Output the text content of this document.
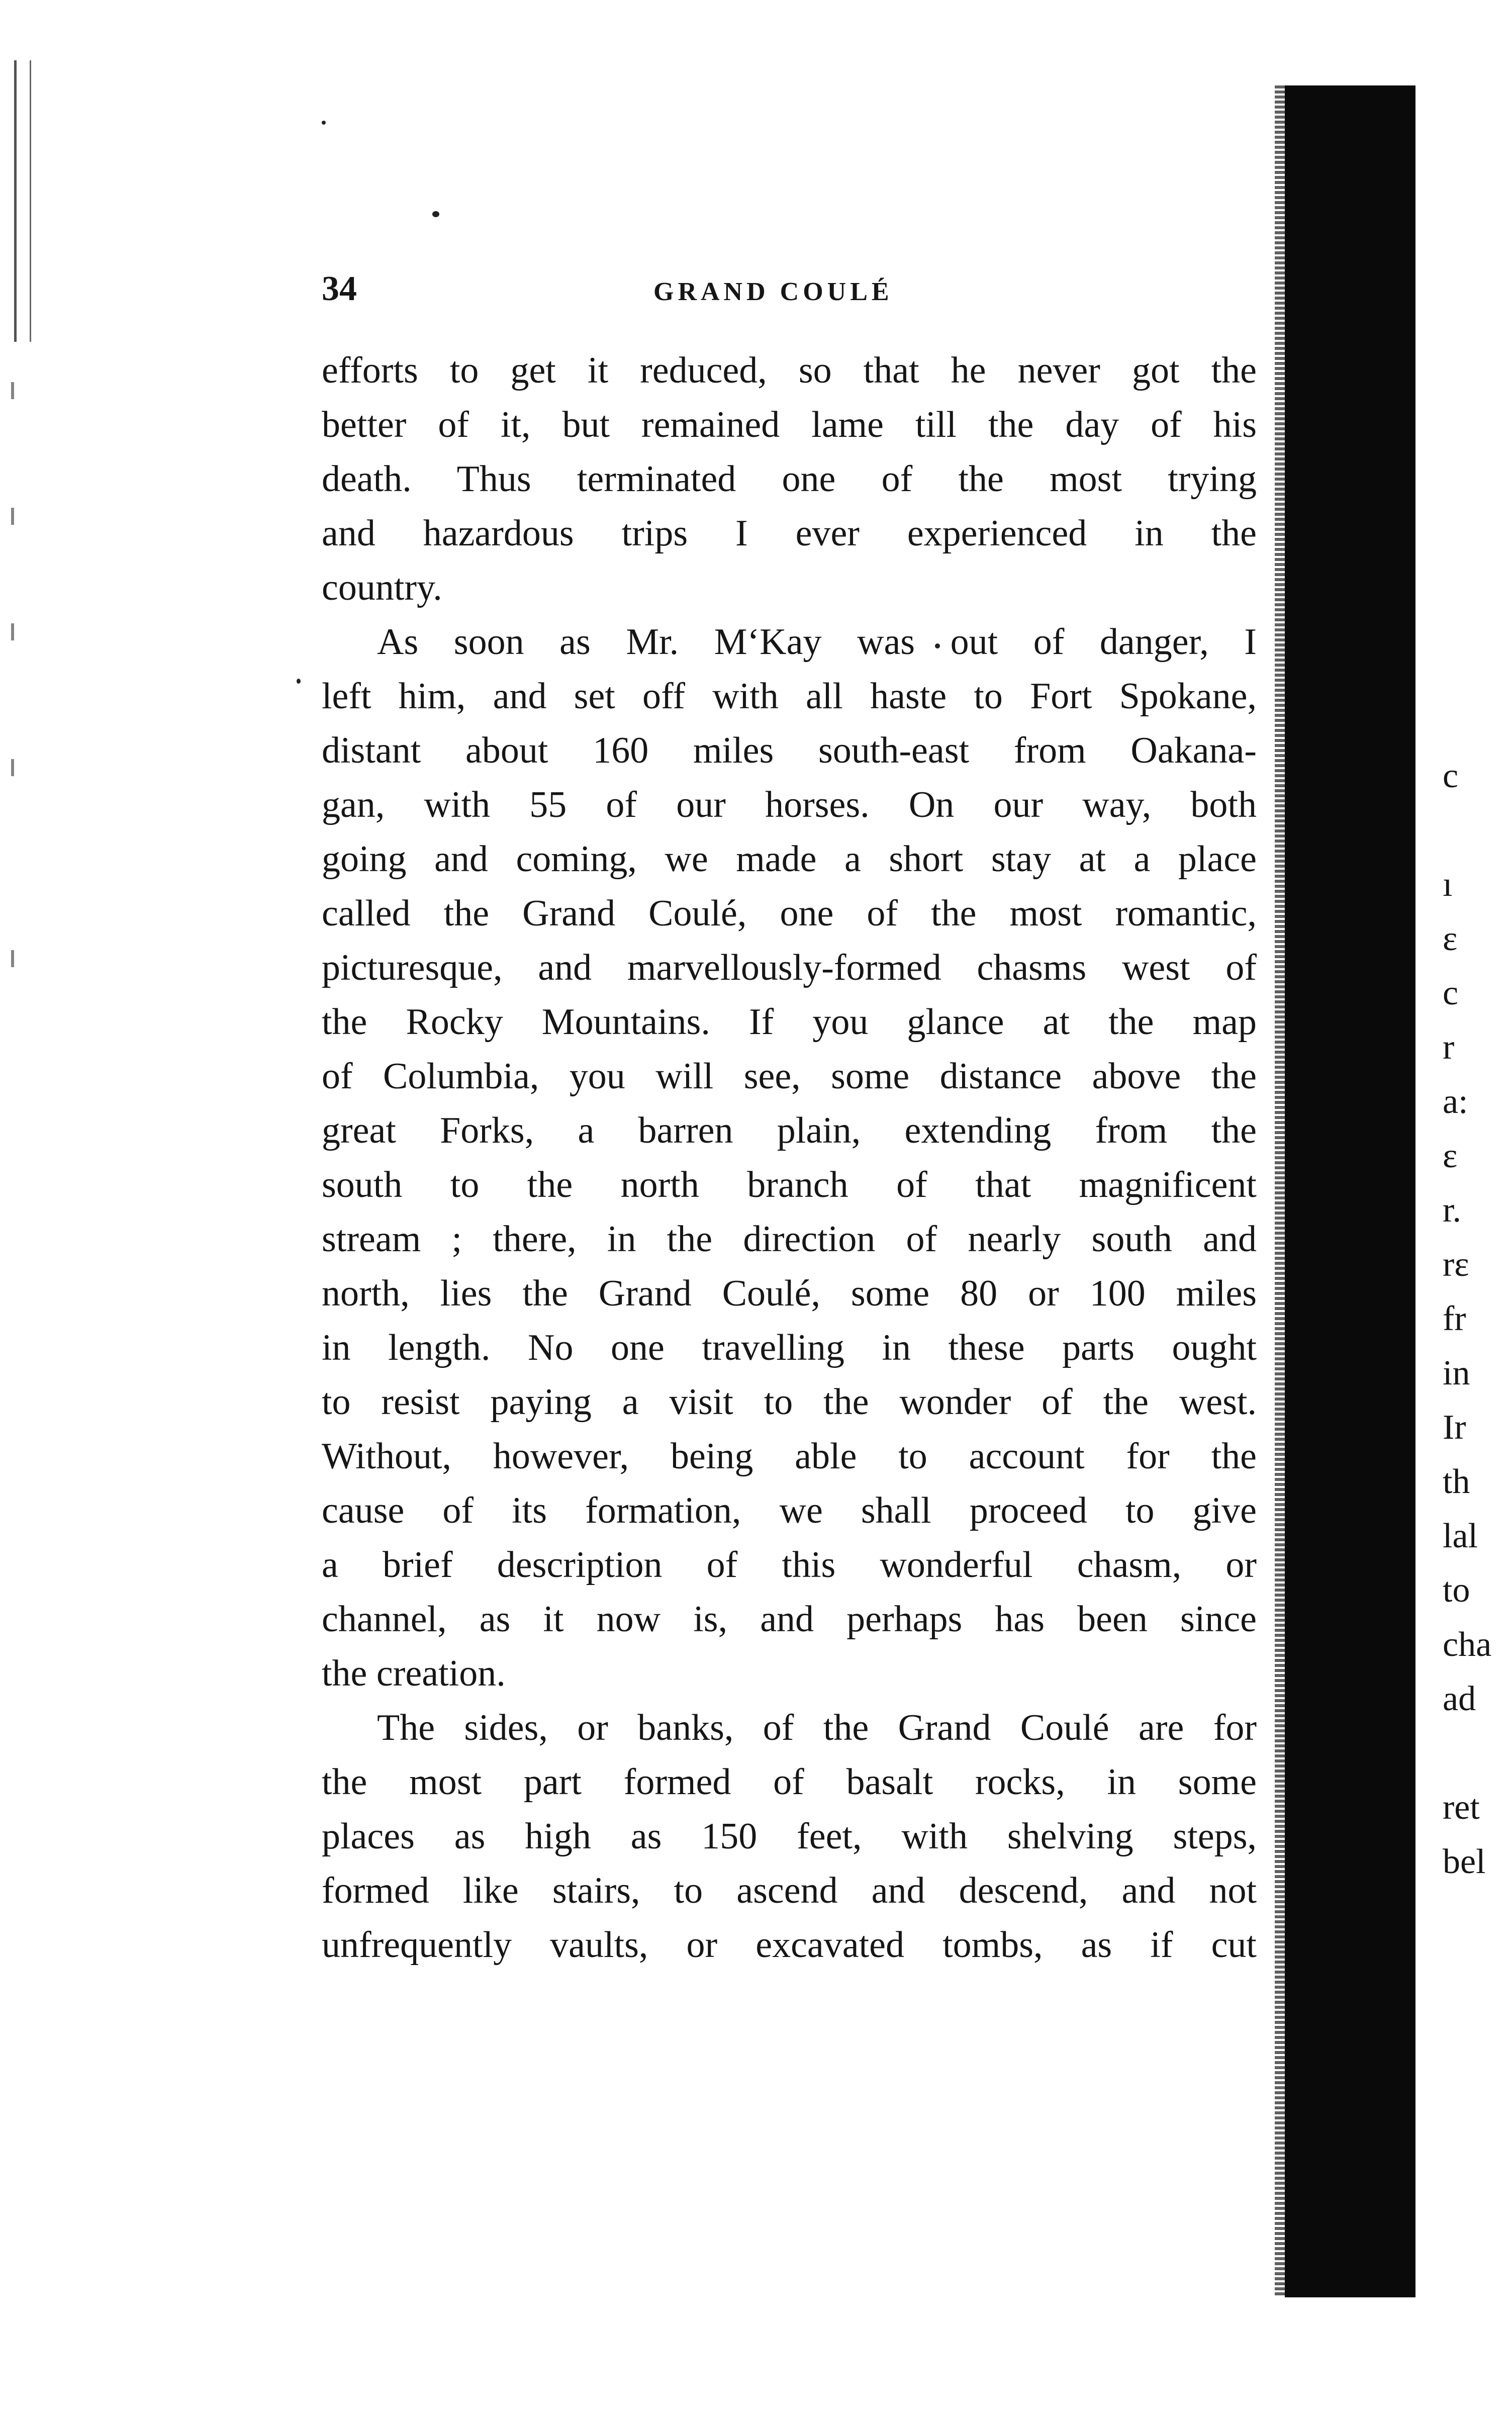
34	GRAND COULÉ
efforts to get it reduced, so that he never got the
better of it, but remained lame till the day of his
death. Thus terminated one of the most trying
and hazardous trips I ever experienced in the
country.
As soon as Mr. M‘Kay was out of danger, I
left him, and set off with all haste to Fort Spokane,
distant about 160 miles south-east from Oakana-
gan, with 55 of our horses. On our way, both
going and coming, we made a short stay at a place
called the Grand Coulé, one of the most romantic,
picturesque, and marvellously-formed chasms west of
the Rocky Mountains. If you glance at the map
of Columbia, you will see, some distance above the
great Forks, a barren plain, extending from the
south to the north branch of that magnificent
stream ; there, in the direction of nearly south and
north, lies the Grand Coulé, some 80 or 100 miles
in length. No one travelling in these parts ought
to resist paying a visit to the wonder of the west.
Without, however, being able to account for the
cause of its formation, we shall proceed to give
a brief description of this wonderful chasm, or
channel, as it now is, and perhaps has been since
the creation.
The sides, or banks, of the Grand Coulé are for
the most part formed of basalt rocks, in some
places as high as 150 feet, with shelving steps,
formed like stairs, to ascend and descend, and not
unfrequently vaults, or excavated tombs, as if cut
c
ı
ε
c
r
a:
ε
r.
rε
fr
in
Ir
th
lal
to
cha
ad
ret
bel
